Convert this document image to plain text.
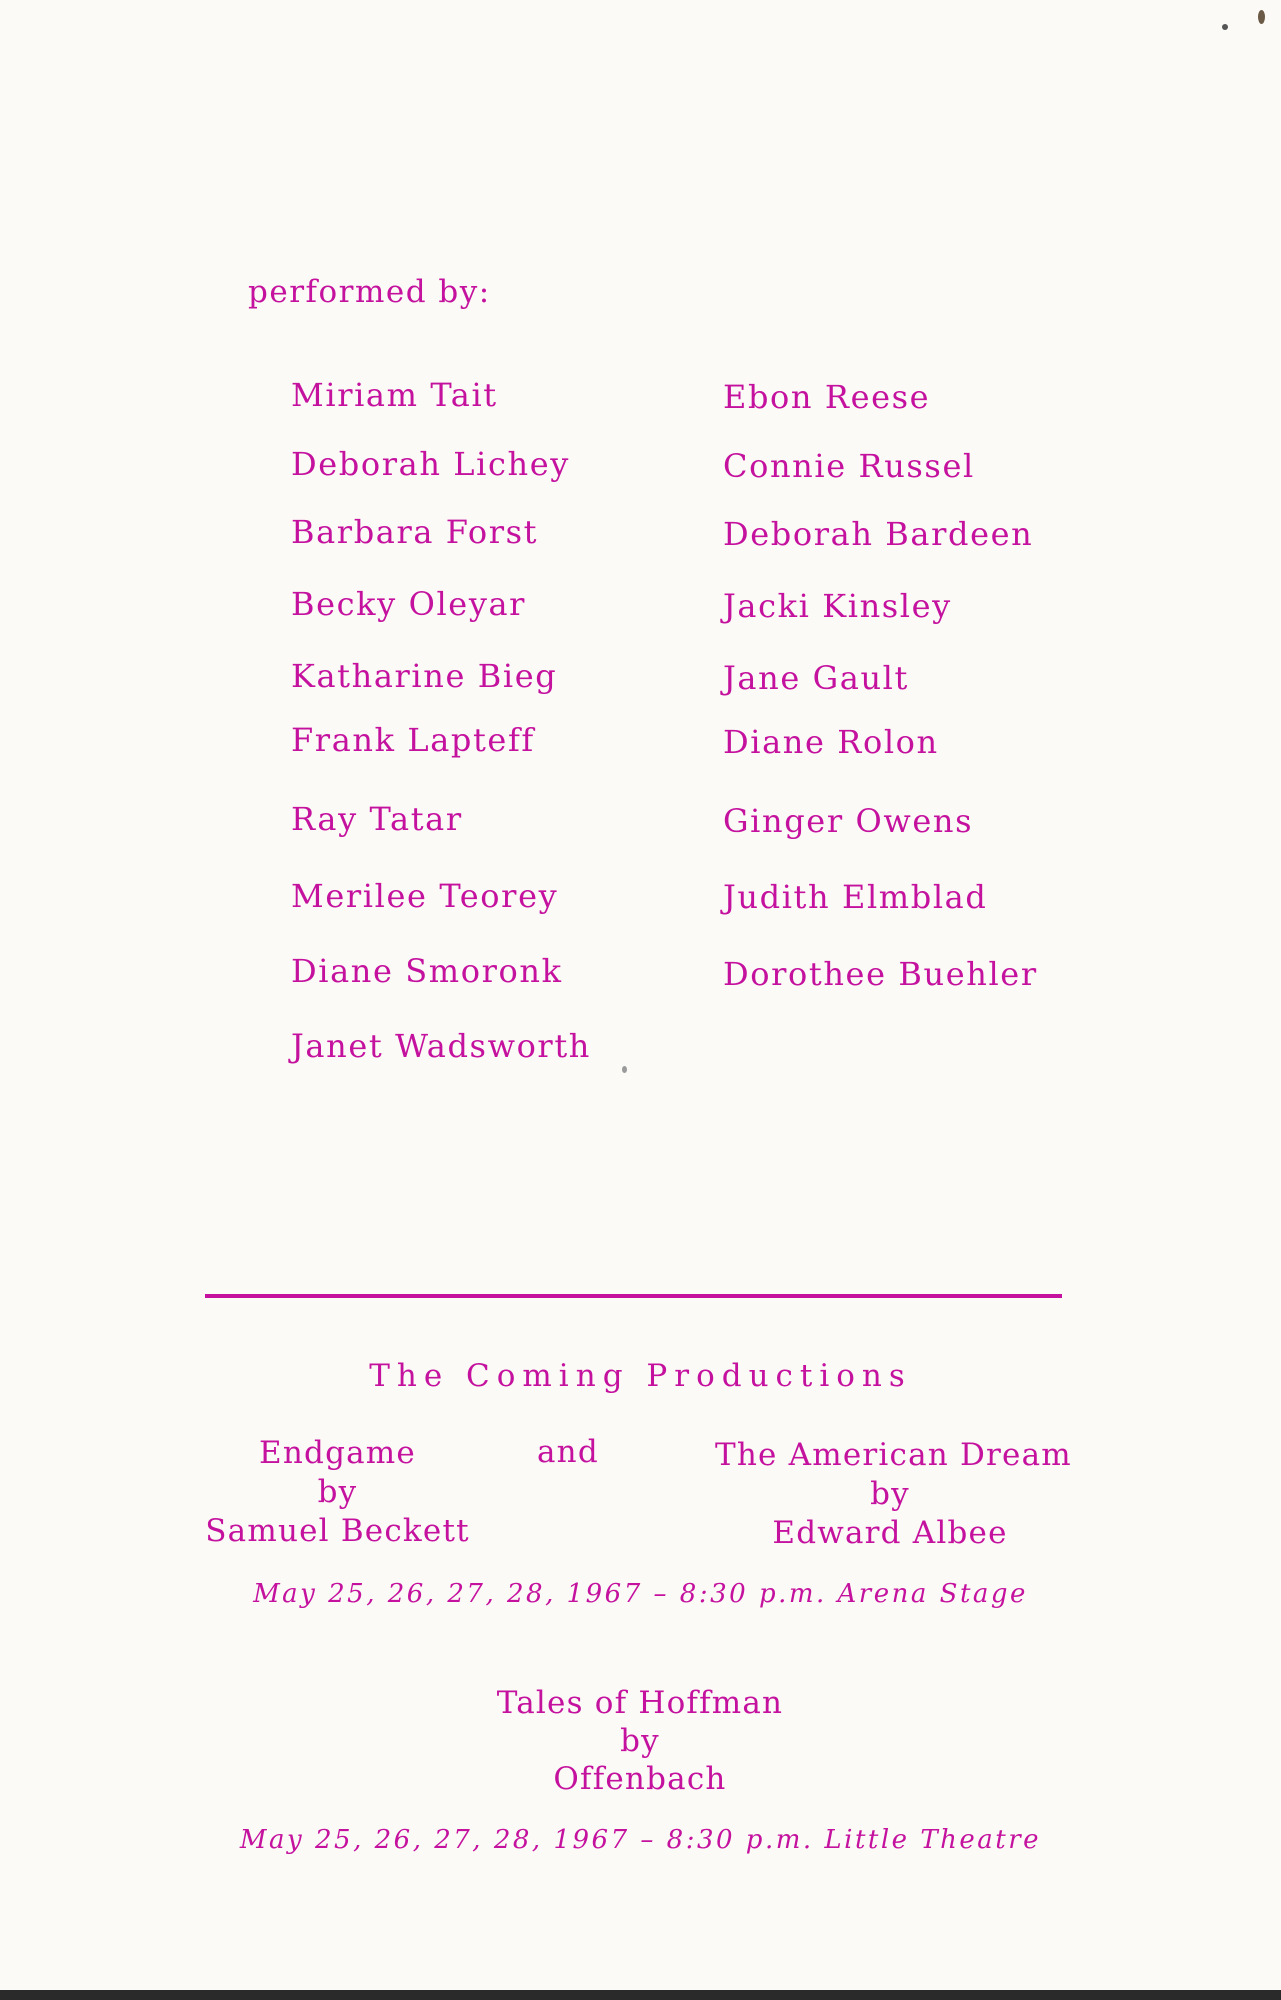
performed by:
Miriam Tait
Deborah Lichey
Barbara Forst
Becky Oleyar
Katharine Bieg
Frank Lapteff
Ray Tatar
Merilee Teorey
Diane Smoronk
Janet Wadsworth
Ebon Reese
Connie Russel
Deborah Bardeen
Jacki Kinsley
Jane Gault
Diane Rolon
Ginger Owens
Judith Elmblad
Dorothee Buehler
The Coming Productions
Endgame
by
Samuel Beckett
and	The American Dream
by
Edward Albee
May 25, 26, 27, 28, 1967 – 8:30 p.m. Arena Stage
Tales of Hoffman
by
Offenbach
May 25, 26, 27, 28, 1967 – 8:30 p.m. Little Theatre
